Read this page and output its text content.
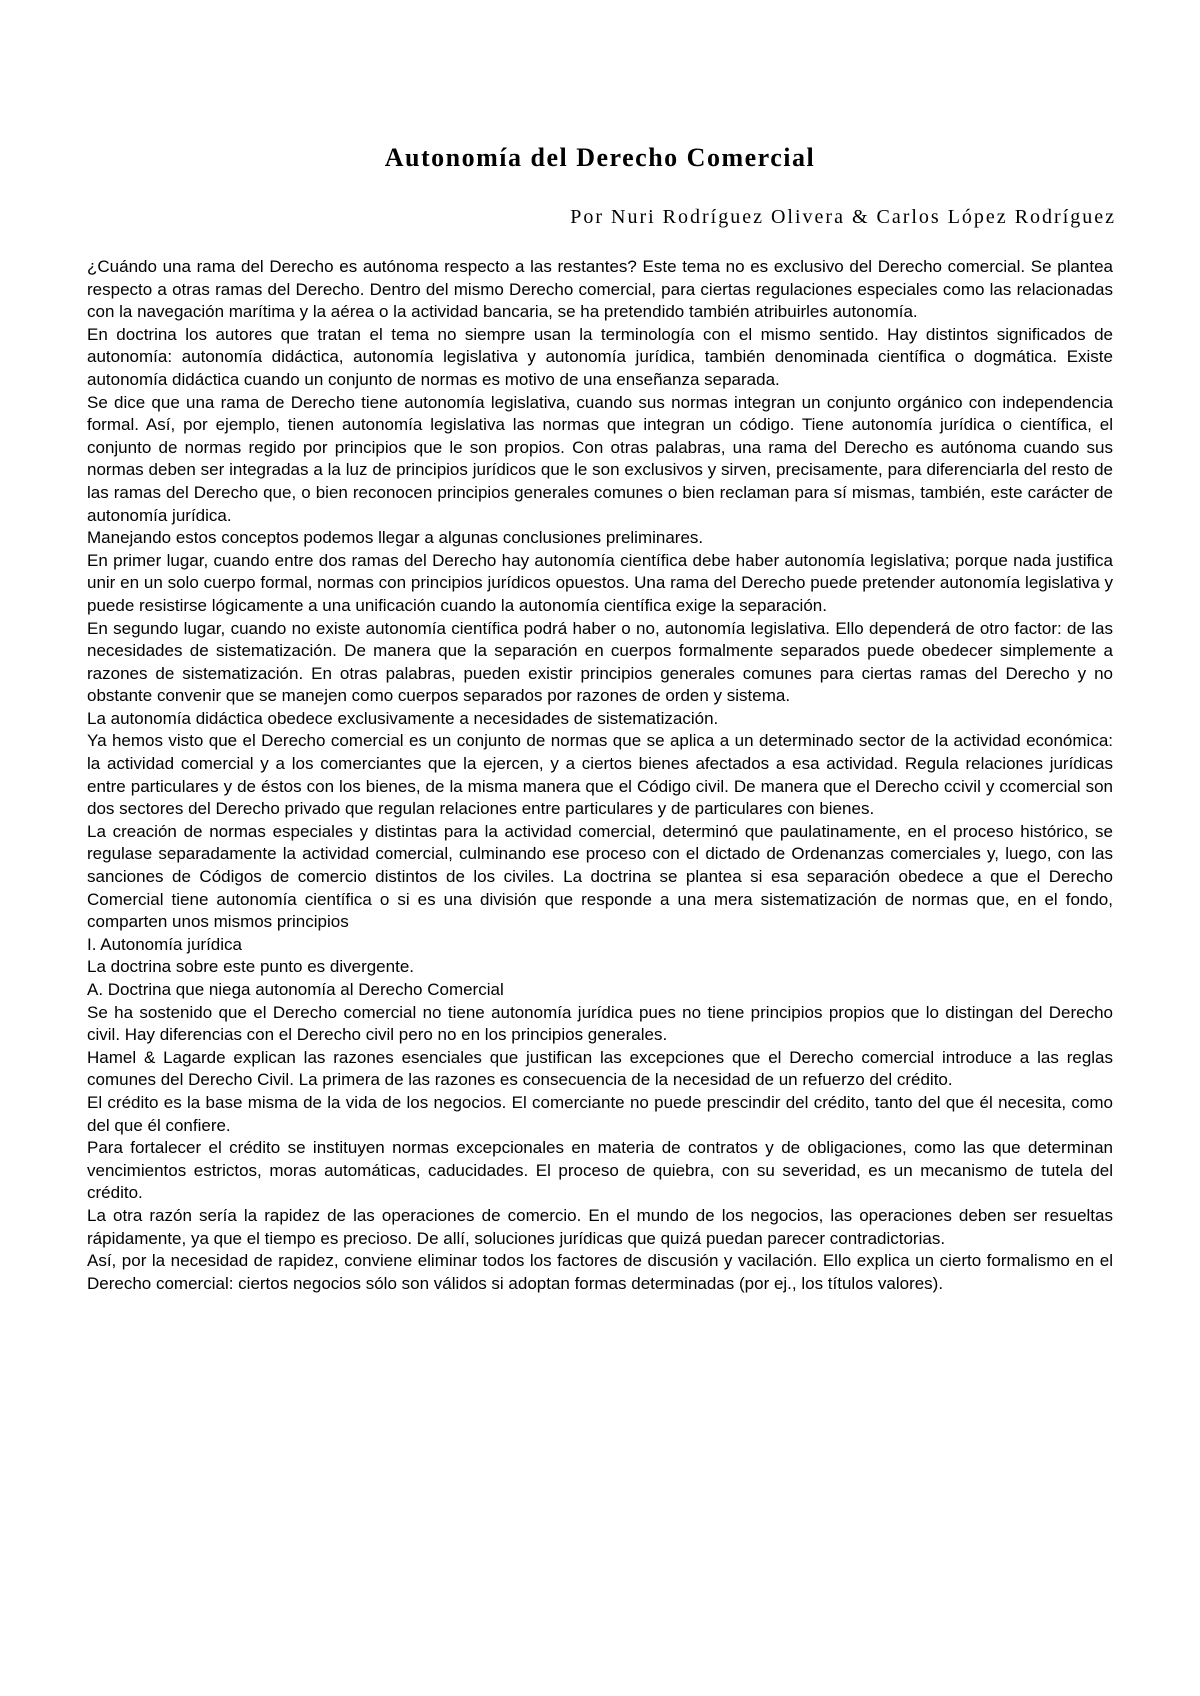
Autonomía del Derecho Comercial

Por Nuri Rodríguez Olivera & Carlos López Rodríguez

¿Cuándo una rama del Derecho es autónoma respecto a las restantes? Este tema no es exclusivo del Derecho comercial. Se plantea respecto a otras ramas del Derecho. Dentro del mismo Derecho comercial, para ciertas regulaciones especiales como las relacionadas con la navegación marítima y la aérea o la actividad bancaria, se ha pretendido también atribuirles autonomía.

En doctrina los autores que tratan el tema no siempre usan la terminología con el mismo sentido. Hay distintos significados de autonomía: autonomía didáctica, autonomía legislativa y autonomía jurídica, también denominada científica o dogmática. Existe autonomía didáctica cuando un conjunto de normas es motivo de una enseñanza separada.

Se dice que una rama de Derecho tiene autonomía legislativa, cuando sus normas integran un conjunto orgánico con independencia formal. Así, por ejemplo, tienen autonomía legislativa las normas que integran un código. Tiene autonomía jurídica o científica, el conjunto de normas regido por principios que le son propios. Con otras palabras, una rama del Derecho es autónoma cuando sus normas deben ser integradas a la luz de principios jurídicos que le son exclusivos y sirven, precisamente, para diferenciarla del resto de las ramas del Derecho que, o bien reconocen principios generales comunes o bien reclaman para sí mismas, también, este carácter de autonomía jurídica.

Manejando estos conceptos podemos llegar a algunas conclusiones preliminares.

En primer lugar, cuando entre dos ramas del Derecho hay autonomía científica debe haber autonomía legislativa; porque nada justifica unir en un solo cuerpo formal, normas con principios jurídicos opuestos. Una rama del Derecho puede pretender autonomía legislativa y puede resistirse lógicamente a una unificación cuando la autonomía científica exige la separación.

En segundo lugar, cuando no existe autonomía científica podrá haber o no, autonomía legislativa. Ello dependerá de otro factor: de las necesidades de sistematización. De manera que la separación en cuerpos formalmente separados puede obedecer simplemente a razones de sistematización. En otras palabras, pueden existir principios generales comunes para ciertas ramas del Derecho y no obstante convenir que se manejen como cuerpos separados por razones de orden y sistema.

La autonomía didáctica obedece exclusivamente a necesidades de sistematización.

Ya hemos visto que el Derecho comercial es un conjunto de normas que se aplica a un determinado sector de la actividad económica: la actividad comercial y a los comerciantes que la ejercen, y a ciertos bienes afectados a esa actividad. Regula relaciones jurídicas entre particulares y de éstos con los bienes, de la misma manera que el Código civil. De manera que el Derecho ccivil y ccomercial son dos sectores del Derecho privado que regulan relaciones entre particulares y de particulares con bienes.

La creación de normas especiales y distintas para la actividad comercial, determinó que paulatinamente, en el proceso histórico, se regulase separadamente la actividad comercial, culminando ese proceso con el dictado de Ordenanzas comerciales y, luego, con las sanciones de Códigos de comercio distintos de los civiles. La doctrina se plantea si esa separación obedece a que el Derecho Comercial tiene autonomía científica o si es una división que responde a una mera sistematización de normas que, en el fondo, comparten unos mismos principios

I. Autonomía jurídica

La doctrina sobre este punto es divergente.

A. Doctrina que niega autonomía al Derecho Comercial

Se ha sostenido que el Derecho comercial no tiene autonomía jurídica pues no tiene principios propios que lo distingan del Derecho civil. Hay diferencias con el Derecho civil pero no en los principios generales.

Hamel & Lagarde explican las razones esenciales que justifican las excepciones que el Derecho comercial introduce a las reglas comunes del Derecho Civil. La primera de las razones es consecuencia de la necesidad de un refuerzo del crédito.

El crédito es la base misma de la vida de los negocios. El comerciante no puede prescindir del crédito, tanto del que él necesita, como del que él confiere.

Para fortalecer el crédito se instituyen normas excepcionales en materia de contratos y de obligaciones, como las que determinan vencimientos estrictos, moras automáticas, caducidades. El proceso de quiebra, con su severidad, es un mecanismo de tutela del crédito.

La otra razón sería la rapidez de las operaciones de comercio. En el mundo de los negocios, las operaciones deben ser resueltas rápidamente, ya que el tiempo es precioso. De allí, soluciones jurídicas que quizá puedan parecer contradictorias.

Así, por la necesidad de rapidez, conviene eliminar todos los factores de discusión y vacilación. Ello explica un cierto formalismo en el Derecho comercial: ciertos negocios sólo son válidos si adoptan formas determinadas (por ej., los títulos valores).
